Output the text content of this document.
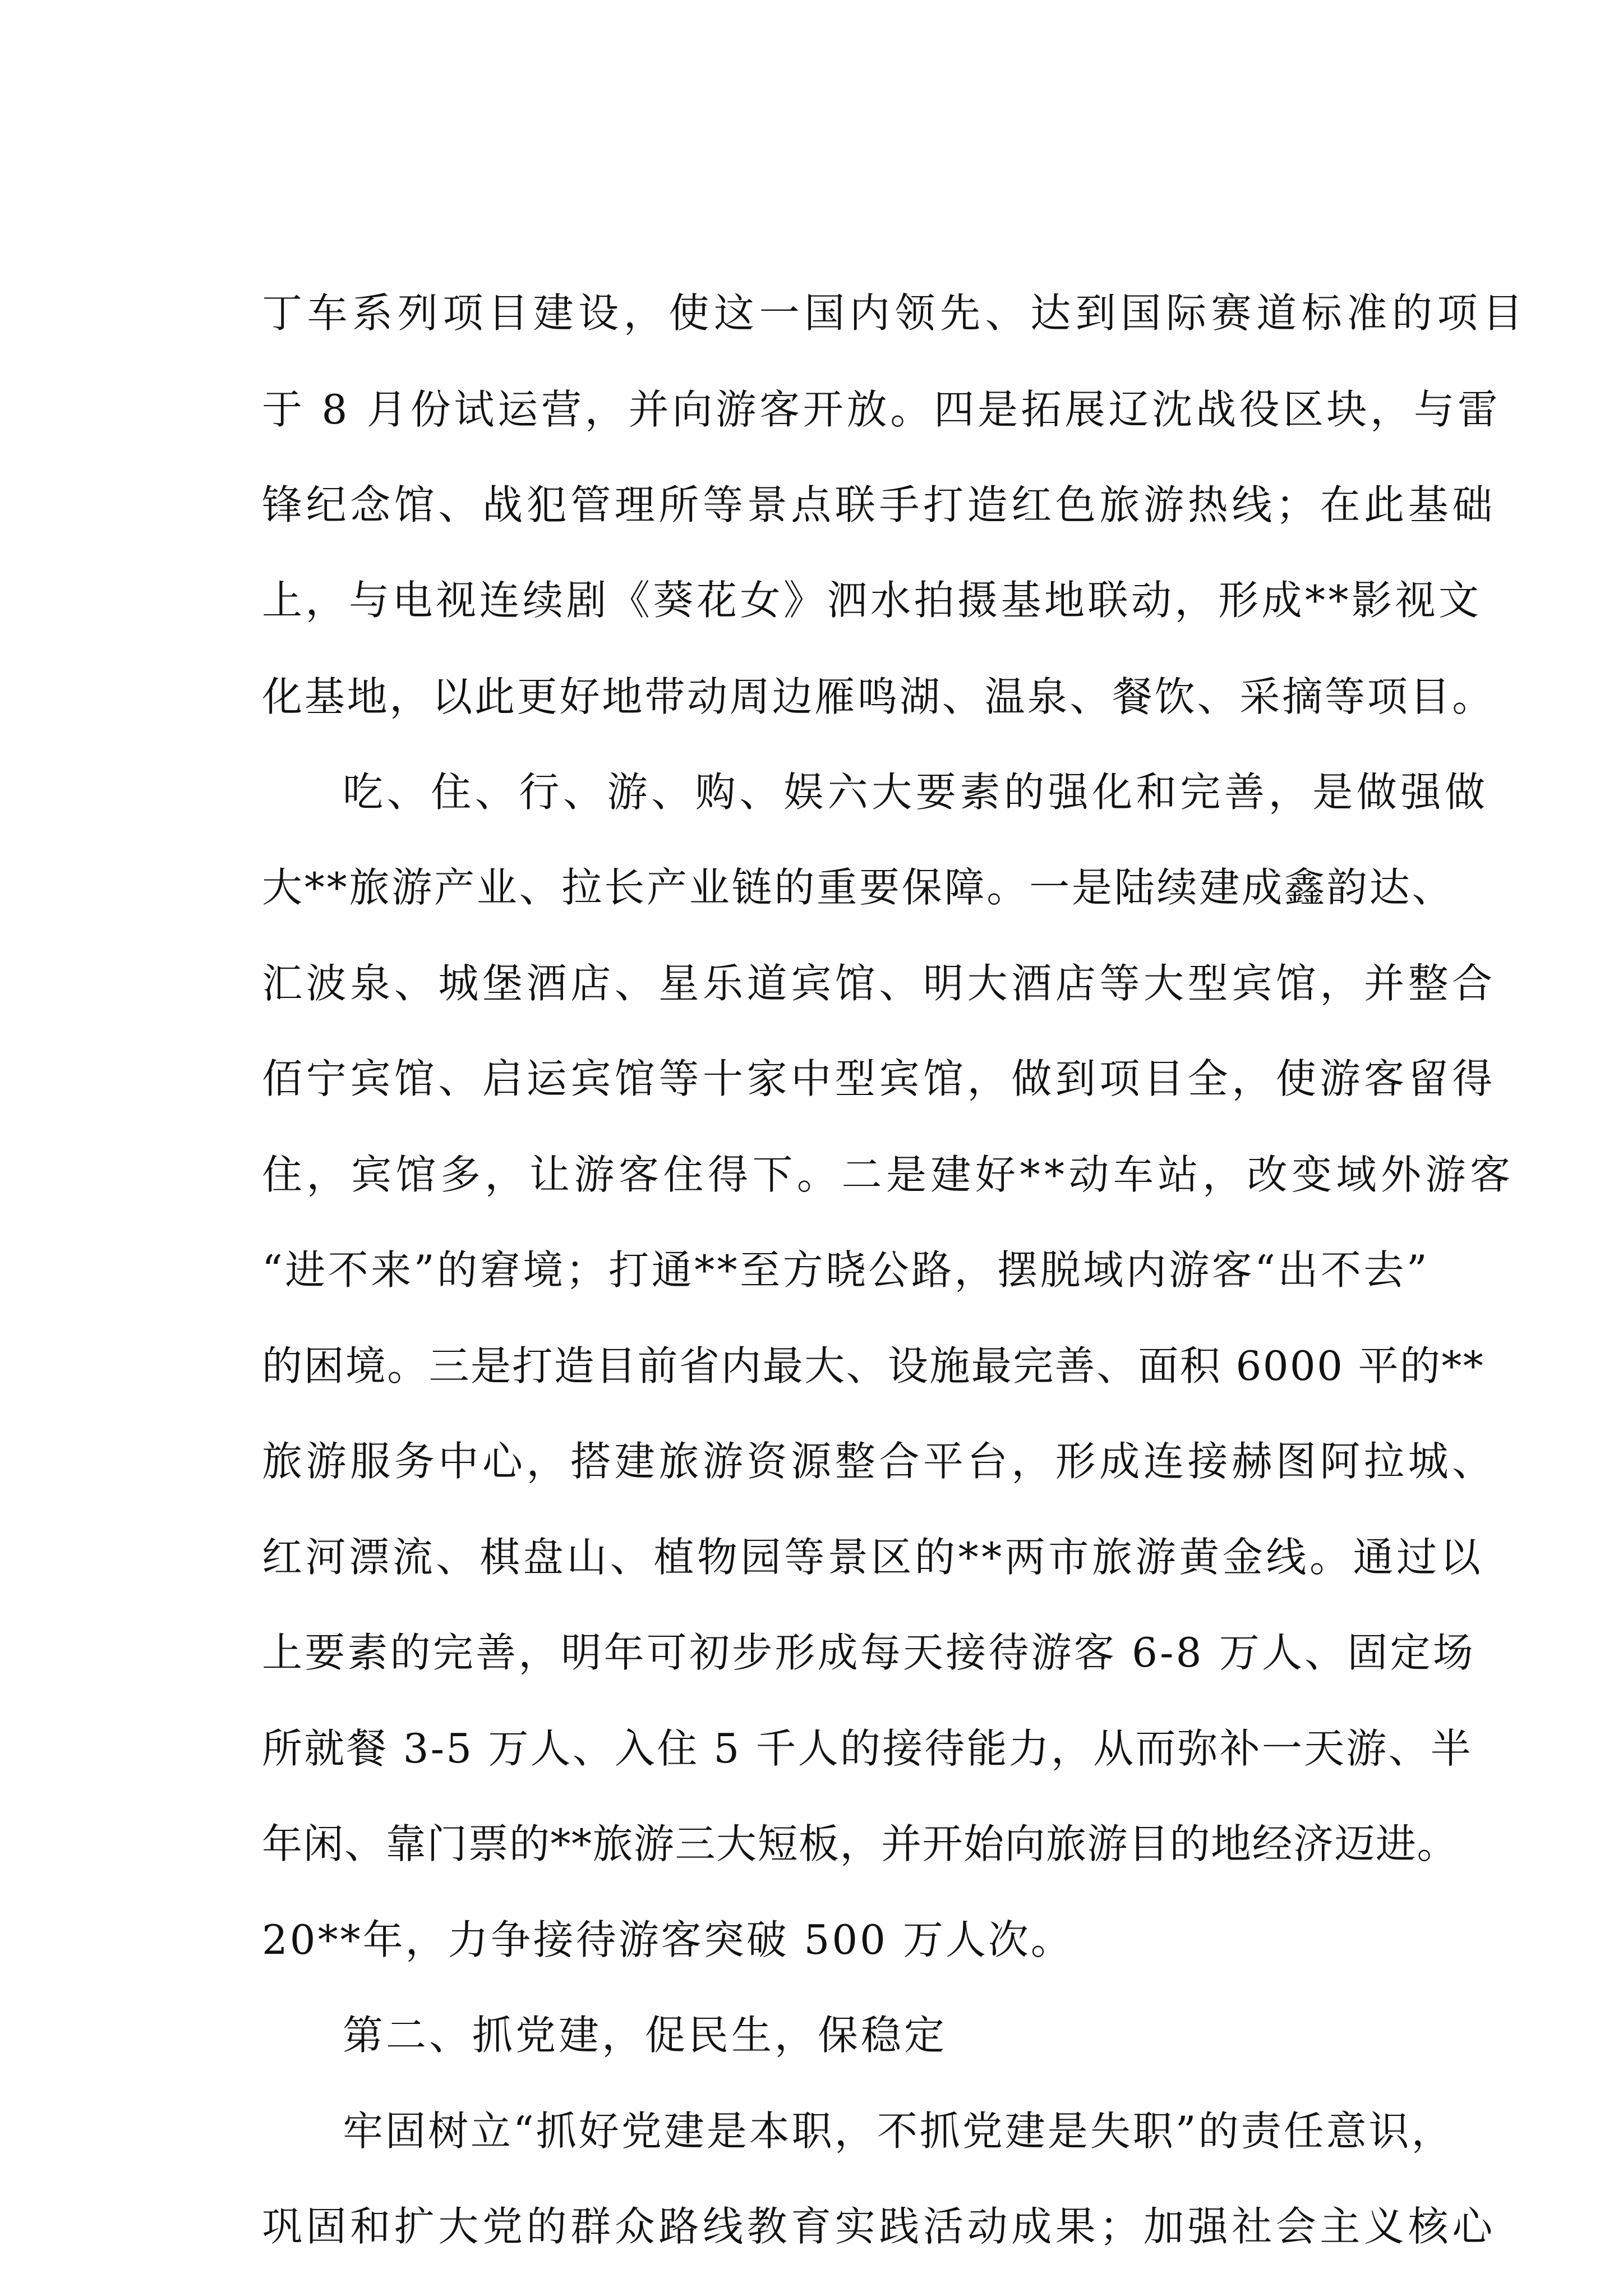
丁车系列项目建设，使这一国内领先、达到国际赛道标准的项目

于 8 月份试运营，并向游客开放。四是拓展辽沈战役区块，与雷

锋纪念馆、战犯管理所等景点联手打造红色旅游热线；在此基础

上，与电视连续剧《葵花女》泗水拍摄基地联动，形成**影视文

化基地，以此更好地带动周边雁鸣湖、温泉、餐饮、采摘等项目。

吃、住、行、游、购、娱六大要素的强化和完善，是做强做

大**旅游产业、拉长产业链的重要保障。一是陆续建成鑫韵达、

汇波泉、城堡酒店、星乐道宾馆、明大酒店等大型宾馆，并整合

佰宁宾馆、启运宾馆等十家中型宾馆，做到项目全，使游客留得

住，宾馆多，让游客住得下。二是建好**动车站，改变域外游客

“进不来”的窘境；打通**至方晓公路，摆脱域内游客“出不去”

的困境。三是打造目前省内最大、设施最完善、面积 6000 平的**

旅游服务中心，搭建旅游资源整合平台，形成连接赫图阿拉城、

红河漂流、棋盘山、植物园等景区的**两市旅游黄金线。通过以

上要素的完善，明年可初步形成每天接待游客 6-8 万人、固定场

所就餐 3-5 万人、入住 5 千人的接待能力，从而弥补一天游、半

年闲、靠门票的**旅游三大短板，并开始向旅游目的地经济迈进。

20**年，力争接待游客突破 500 万人次。

第二、抓党建，促民生，保稳定

牢固树立“抓好党建是本职，不抓党建是失职”的责任意识，

巩固和扩大党的群众路线教育实践活动成果；加强社会主义核心
